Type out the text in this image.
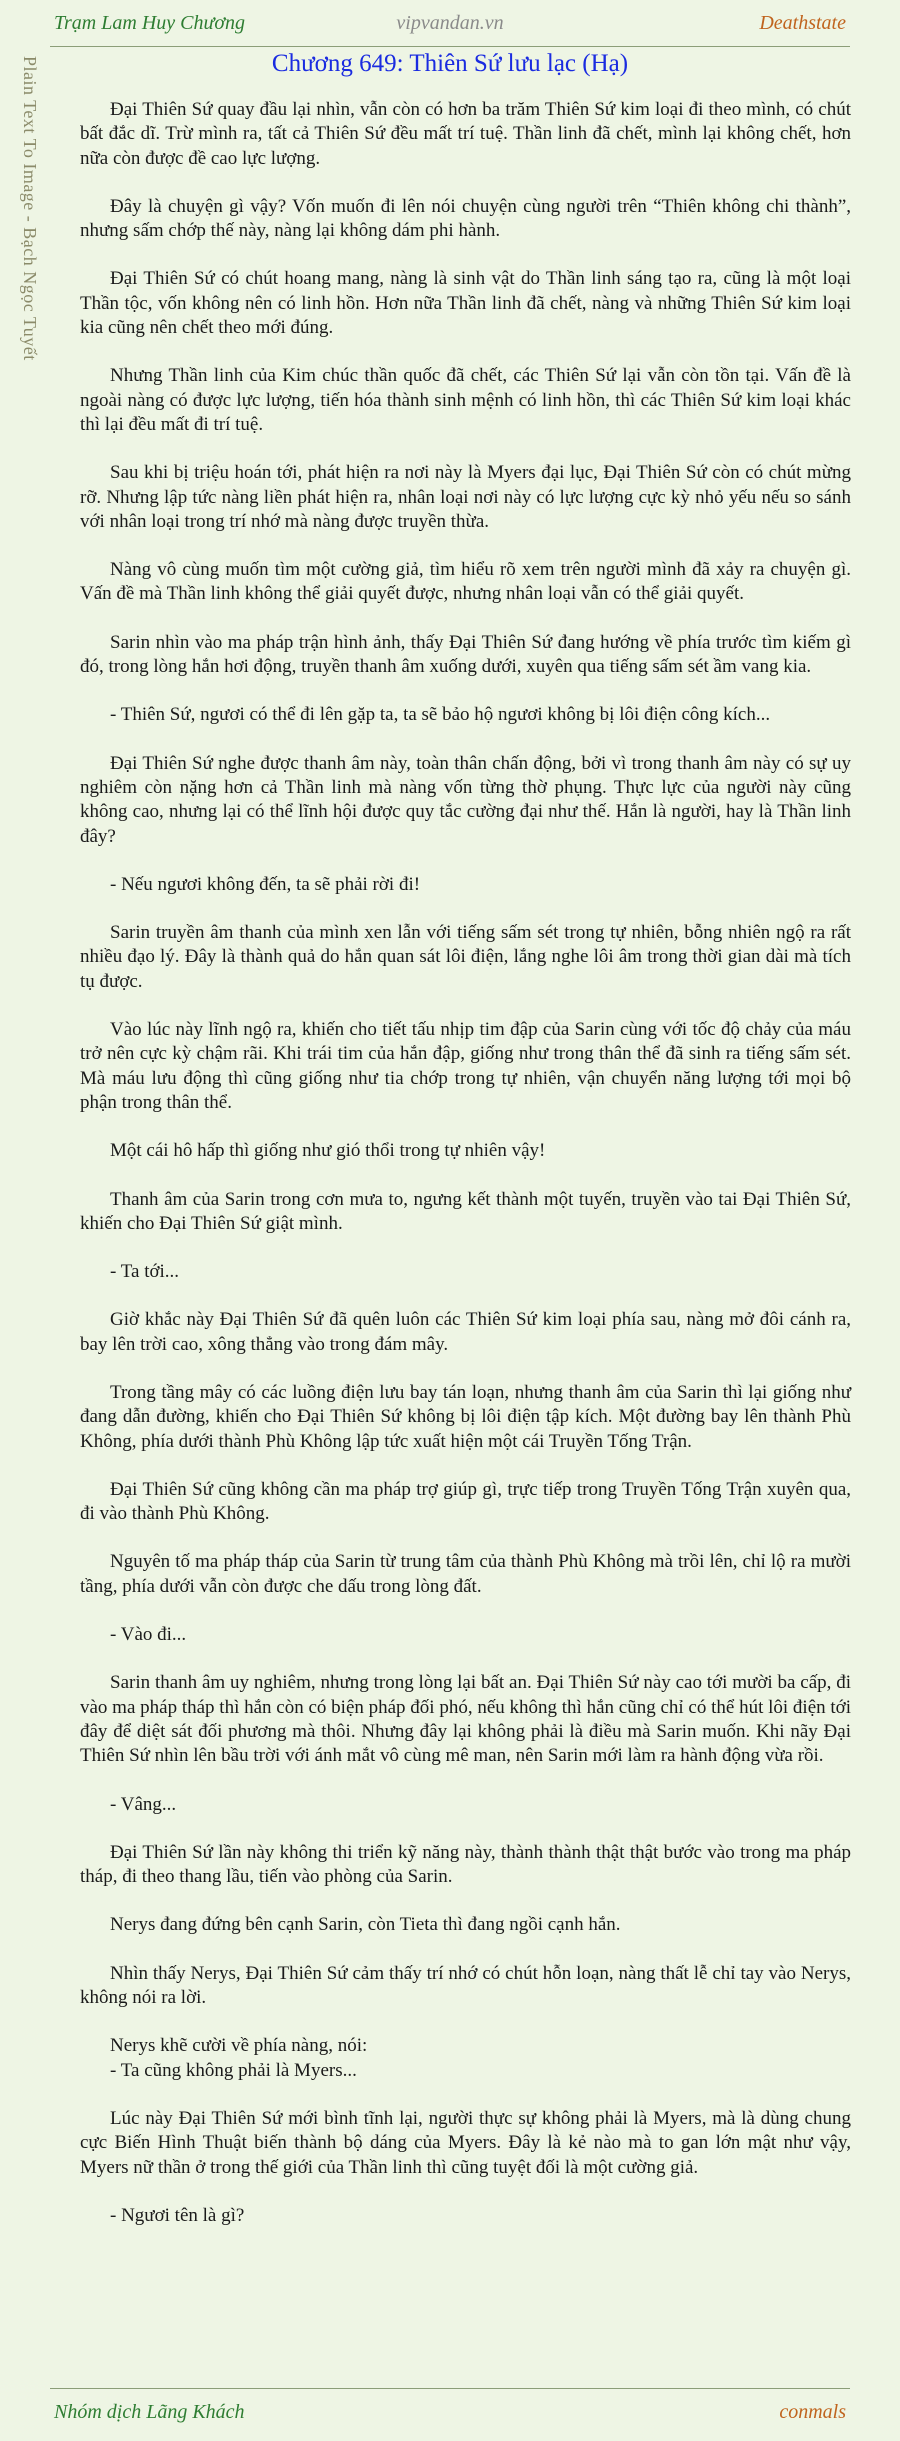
Trạm Lam Huy Chương	vipvandan.vn	Deathstate
Plain Text To Image - Bạch Ngọc Tuyết	Chương 649: Thiên Sứ lưu lạc (Hạ)

Đại Thiên Sứ quay đầu lại nhìn, vẫn còn có hơn ba trăm Thiên Sứ kim loại đi theo mình, có chút bất đắc dĩ. Trừ mình ra, tất cả Thiên Sứ đều mất trí tuệ. Thần linh đã chết, mình lại không chết, hơn nữa còn được đề cao lực lượng.

Đây là chuyện gì vậy? Vốn muốn đi lên nói chuyện cùng người trên “Thiên không chi thành”, nhưng sấm chớp thế này, nàng lại không dám phi hành.

Đại Thiên Sứ có chút hoang mang, nàng là sinh vật do Thần linh sáng tạo ra, cũng là một loại Thần tộc, vốn không nên có linh hồn. Hơn nữa Thần linh đã chết, nàng và những Thiên Sứ kim loại kia cũng nên chết theo mới đúng.

Nhưng Thần linh của Kim chúc thần quốc đã chết, các Thiên Sứ lại vẫn còn tồn tại. Vấn đề là ngoài nàng có được lực lượng, tiến hóa thành sinh mệnh có linh hồn, thì các Thiên Sứ kim loại khác thì lại đều mất đi trí tuệ.

Sau khi bị triệu hoán tới, phát hiện ra nơi này là Myers đại lục, Đại Thiên Sứ còn có chút mừng rỡ. Nhưng lập tức nàng liền phát hiện ra, nhân loại nơi này có lực lượng cực kỳ nhỏ yếu nếu so sánh với nhân loại trong trí nhớ mà nàng được truyền thừa.

Nàng vô cùng muốn tìm một cường giả, tìm hiểu rõ xem trên người mình đã xảy ra chuyện gì. Vấn đề mà Thần linh không thể giải quyết được, nhưng nhân loại vẫn có thể giải quyết.

Sarin nhìn vào ma pháp trận hình ảnh, thấy Đại Thiên Sứ đang hướng về phía trước tìm kiếm gì đó, trong lòng hắn hơi động, truyền thanh âm xuống dưới, xuyên qua tiếng sấm sét ầm vang kia.

- Thiên Sứ, ngươi có thể đi lên gặp ta, ta sẽ bảo hộ ngươi không bị lôi điện công kích...

Đại Thiên Sứ nghe được thanh âm này, toàn thân chấn động, bởi vì trong thanh âm này có sự uy nghiêm còn nặng hơn cả Thần linh mà nàng vốn từng thờ phụng. Thực lực của người này cũng không cao, nhưng lại có thể lĩnh hội được quy tắc cường đại như thế. Hắn là người, hay là Thần linh đây?

- Nếu ngươi không đến, ta sẽ phải rời đi!

Sarin truyền âm thanh của mình xen lẫn với tiếng sấm sét trong tự nhiên, bỗng nhiên ngộ ra rất nhiều đạo lý. Đây là thành quả do hắn quan sát lôi điện, lắng nghe lôi âm trong thời gian dài mà tích tụ được.

Vào lúc này lĩnh ngộ ra, khiến cho tiết tấu nhịp tim đập của Sarin cùng với tốc độ chảy của máu trở nên cực kỳ chậm rãi. Khi trái tim của hắn đập, giống như trong thân thể đã sinh ra tiếng sấm sét. Mà máu lưu động thì cũng giống như tia chớp trong tự nhiên, vận chuyển năng lượng tới mọi bộ phận trong thân thể.

Một cái hô hấp thì giống như gió thổi trong tự nhiên vậy!

Thanh âm của Sarin trong cơn mưa to, ngưng kết thành một tuyến, truyền vào tai Đại Thiên Sứ, khiến cho Đại Thiên Sứ giật mình.

- Ta tới...

Giờ khắc này Đại Thiên Sứ đã quên luôn các Thiên Sứ kim loại phía sau, nàng mở đôi cánh ra, bay lên trời cao, xông thẳng vào trong đám mây.

Trong tầng mây có các luồng điện lưu bay tán loạn, nhưng thanh âm của Sarin thì lại giống như đang dẫn đường, khiến cho Đại Thiên Sứ không bị lôi điện tập kích. Một đường bay lên thành Phù Không, phía dưới thành Phù Không lập tức xuất hiện một cái Truyền Tống Trận.

Đại Thiên Sứ cũng không cần ma pháp trợ giúp gì, trực tiếp trong Truyền Tống Trận xuyên qua, đi vào thành Phù Không.

Nguyên tố ma pháp tháp của Sarin từ trung tâm của thành Phù Không mà trồi lên, chỉ lộ ra mười tầng, phía dưới vẫn còn được che dấu trong lòng đất.

- Vào đi...

Sarin thanh âm uy nghiêm, nhưng trong lòng lại bất an. Đại Thiên Sứ này cao tới mười ba cấp, đi vào ma pháp tháp thì hắn còn có biện pháp đối phó, nếu không thì hắn cũng chỉ có thể hút lôi điện tới đây để diệt sát đối phương mà thôi. Nhưng đây lại không phải là điều mà Sarin muốn. Khi nãy Đại Thiên Sứ nhìn lên bầu trời với ánh mắt vô cùng mê man, nên Sarin mới làm ra hành động vừa rồi.

- Vâng...

Đại Thiên Sứ lần này không thi triển kỹ năng này, thành thành thật thật bước vào trong ma pháp tháp, đi theo thang lầu, tiến vào phòng của Sarin.

Nerys đang đứng bên cạnh Sarin, còn Tieta thì đang ngồi cạnh hắn.

Nhìn thấy Nerys, Đại Thiên Sứ cảm thấy trí nhớ có chút hỗn loạn, nàng thất lễ chỉ tay vào Nerys, không nói ra lời.

Nerys khẽ cười về phía nàng, nói:

- Ta cũng không phải là Myers...

Lúc này Đại Thiên Sứ mới bình tĩnh lại, người thực sự không phải là Myers, mà là dùng chung cực Biến Hình Thuật biến thành bộ dáng của Myers. Đây là kẻ nào mà to gan lớn mật như vậy, Myers nữ thần ở trong thế giới của Thần linh thì cũng tuyệt đối là một cường giả.

- Ngươi tên là gì?

Nhóm dịch Lãng Khách	conmals
